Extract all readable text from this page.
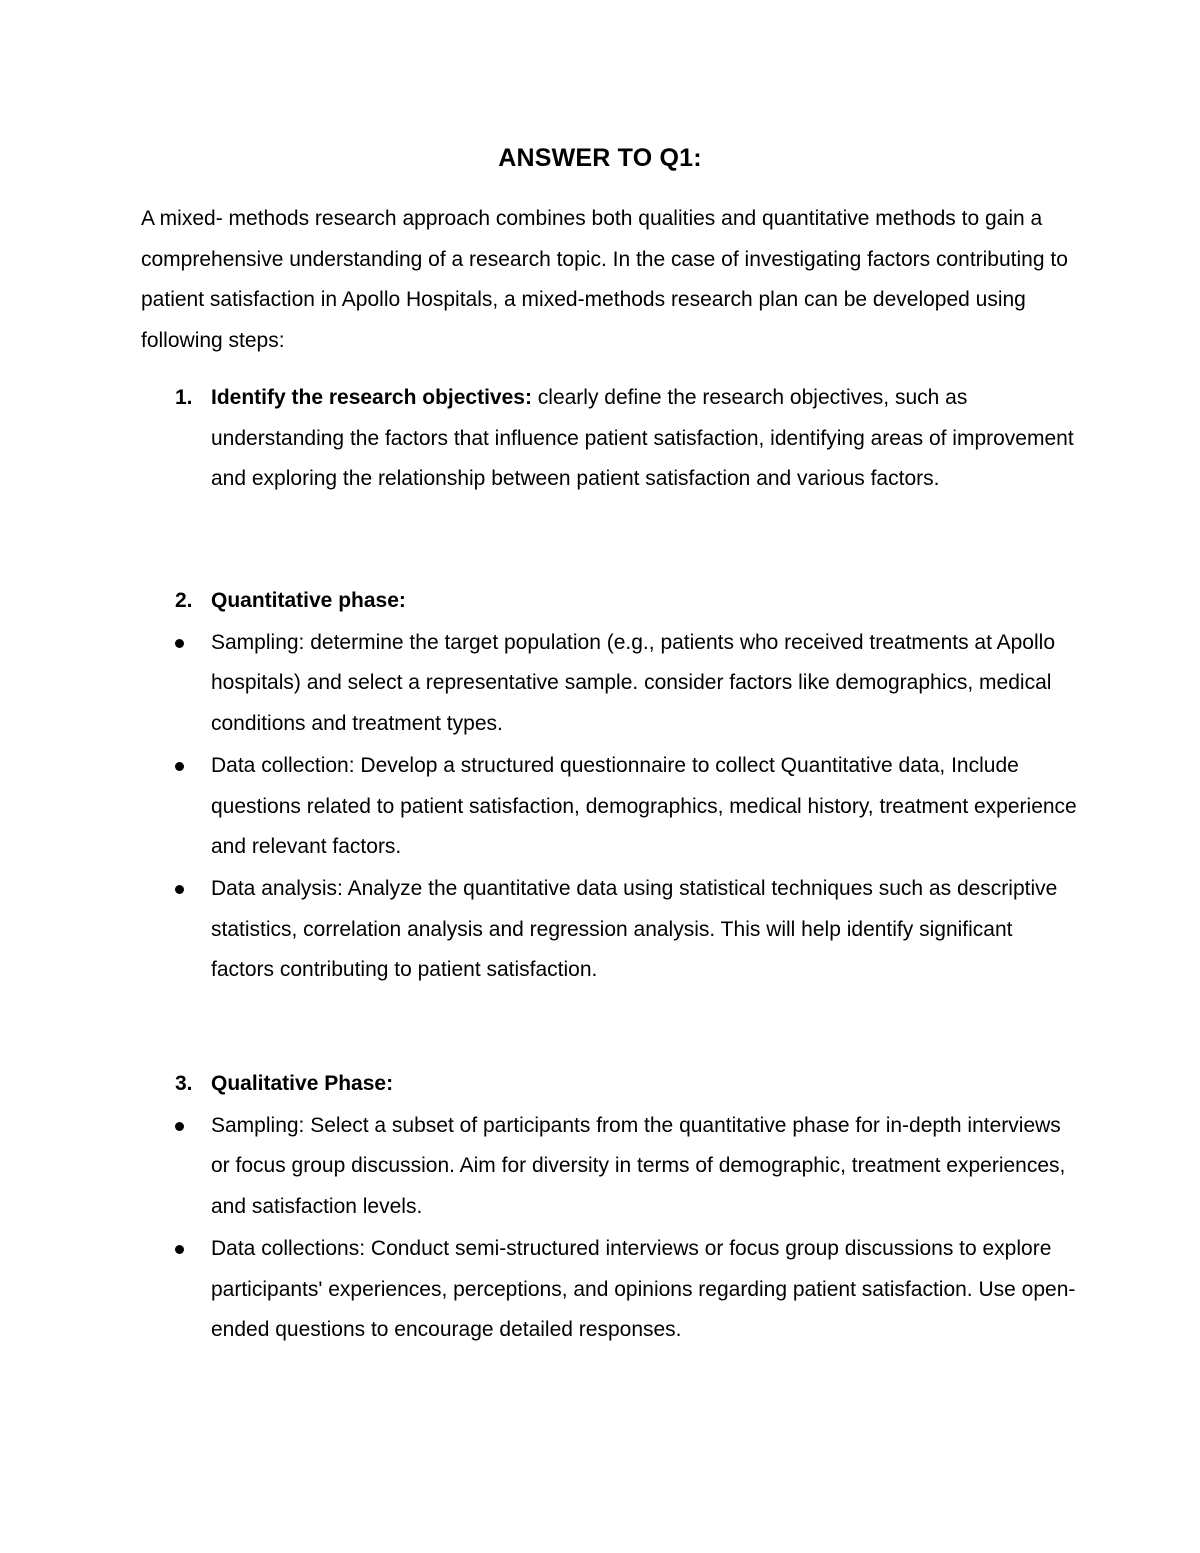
ANSWER TO Q1:

A mixed- methods research approach combines both qualities and quantitative methods to gain a comprehensive understanding of a research topic. In the case of investigating factors contributing to patient satisfaction in Apollo Hospitals, a mixed-methods research plan can be developed using following steps:

1. Identify the research objectives: clearly define the research objectives, such as understanding the factors that influence patient satisfaction, identifying areas of improvement and exploring the relationship between patient satisfaction and various factors.
2. Quantitative phase:
Sampling: determine the target population (e.g., patients who received treatments at Apollo hospitals) and select a representative sample. consider factors like demographics, medical conditions and treatment types.
Data collection: Develop a structured questionnaire to collect Quantitative data, Include questions related to patient satisfaction, demographics, medical history, treatment experience and relevant factors.
Data analysis: Analyze the quantitative data using statistical techniques such as descriptive statistics, correlation analysis and regression analysis. This will help identify significant factors contributing to patient satisfaction.
3. Qualitative Phase:
Sampling: Select a subset of participants from the quantitative phase for in-depth interviews or focus group discussion. Aim for diversity in terms of demographic, treatment experiences, and satisfaction levels.
Data collections: Conduct semi-structured interviews or focus group discussions to explore participants' experiences, perceptions, and opinions regarding patient satisfaction. Use open-ended questions to encourage detailed responses.
